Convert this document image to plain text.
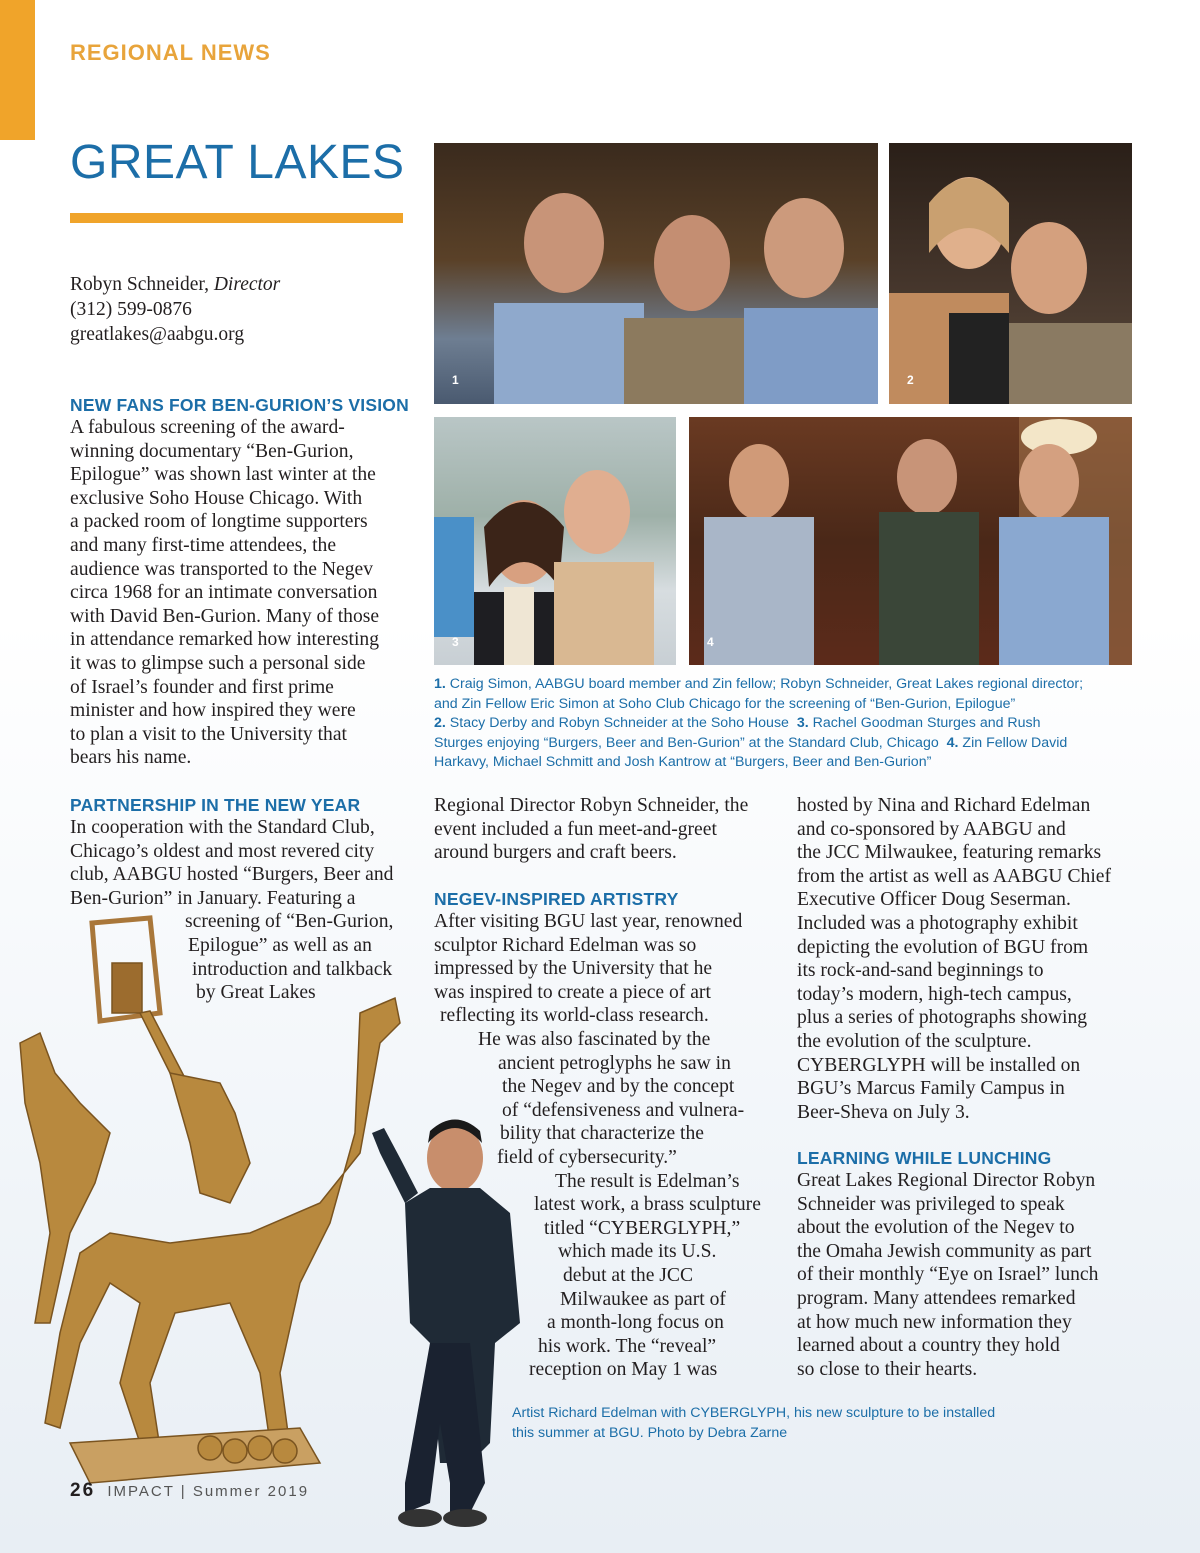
REGIONAL NEWS
GREAT LAKES
Robyn Schneider, Director
(312) 599-0876
greatlakes@aabgu.org
1	2
3	4
1. Craig Simon, AABGU board member and Zin fellow; Robyn Schneider, Great Lakes regional director;
and Zin Fellow Eric Simon at Soho Club Chicago for the screening of “Ben-Gurion, Epilogue”
2. Stacy Derby and Robyn Schneider at the Soho House 3. Rachel Goodman Sturges and Rush
Sturges enjoying “Burgers, Beer and Ben-Gurion” at the Standard Club, Chicago 4. Zin Fellow David
Harkavy, Michael Schmitt and Josh Kantrow at “Burgers, Beer and Ben-Gurion”
NEW FANS FOR BEN-GURION’S VISION
A fabulous screening of the award-
winning documentary “Ben-Gurion,
Epilogue” was shown last winter at the
exclusive Soho House Chicago. With
a packed room of longtime supporters
and many first-time attendees, the
audience was transported to the Negev
circa 1968 for an intimate conversation
with David Ben-Gurion. Many of those
in attendance remarked how interesting
it was to glimpse such a personal side
of Israel’s founder and first prime
minister and how inspired they were
to plan a visit to the University that
bears his name.
PARTNERSHIP IN THE NEW YEAR
In cooperation with the Standard Club,
Chicago’s oldest and most revered city
club, AABGU hosted “Burgers, Beer and
Ben-Gurion” in January. Featuring a
screening of “Ben-Gurion,
Epilogue” as well as an
introduction and talkback
by Great Lakes
Regional Director Robyn Schneider, the
event included a fun meet-and-greet
around burgers and craft beers.
NEGEV-INSPIRED ARTISTRY
After visiting BGU last year, renowned
sculptor Richard Edelman was so
impressed by the University that he
was inspired to create a piece of art
reflecting its world-class research.
He was also fascinated by the
ancient petroglyphs he saw in
the Negev and by the concept
of “defensiveness and vulnera-
bility that characterize the
field of cybersecurity.”
The result is Edelman’s
latest work, a brass sculpture
titled “CYBERGLYPH,”
which made its U.S.
debut at the JCC
Milwaukee as part of
a month-long focus on
his work. The “reveal”
reception on May 1 was
hosted by Nina and Richard Edelman
and co-sponsored by AABGU and
the JCC Milwaukee, featuring remarks
from the artist as well as AABGU Chief
Executive Officer Doug Seserman.
Included was a photography exhibit
depicting the evolution of BGU from
its rock-and-sand beginnings to
today’s modern, high-tech campus,
plus a series of photographs showing
the evolution of the sculpture.
CYBERGLYPH will be installed on
BGU’s Marcus Family Campus in
Beer-Sheva on July 3.
LEARNING WHILE LUNCHING
Great Lakes Regional Director Robyn
Schneider was privileged to speak
about the evolution of the Negev to
the Omaha Jewish community as part
of their monthly “Eye on Israel” lunch
program. Many attendees remarked
at how much new information they
learned about a country they hold
so close to their hearts.
Artist Richard Edelman with CYBERGLYPH, his new sculpture to be installed
this summer at BGU. Photo by Debra Zarne
26 IMPACT | Summer 2019
